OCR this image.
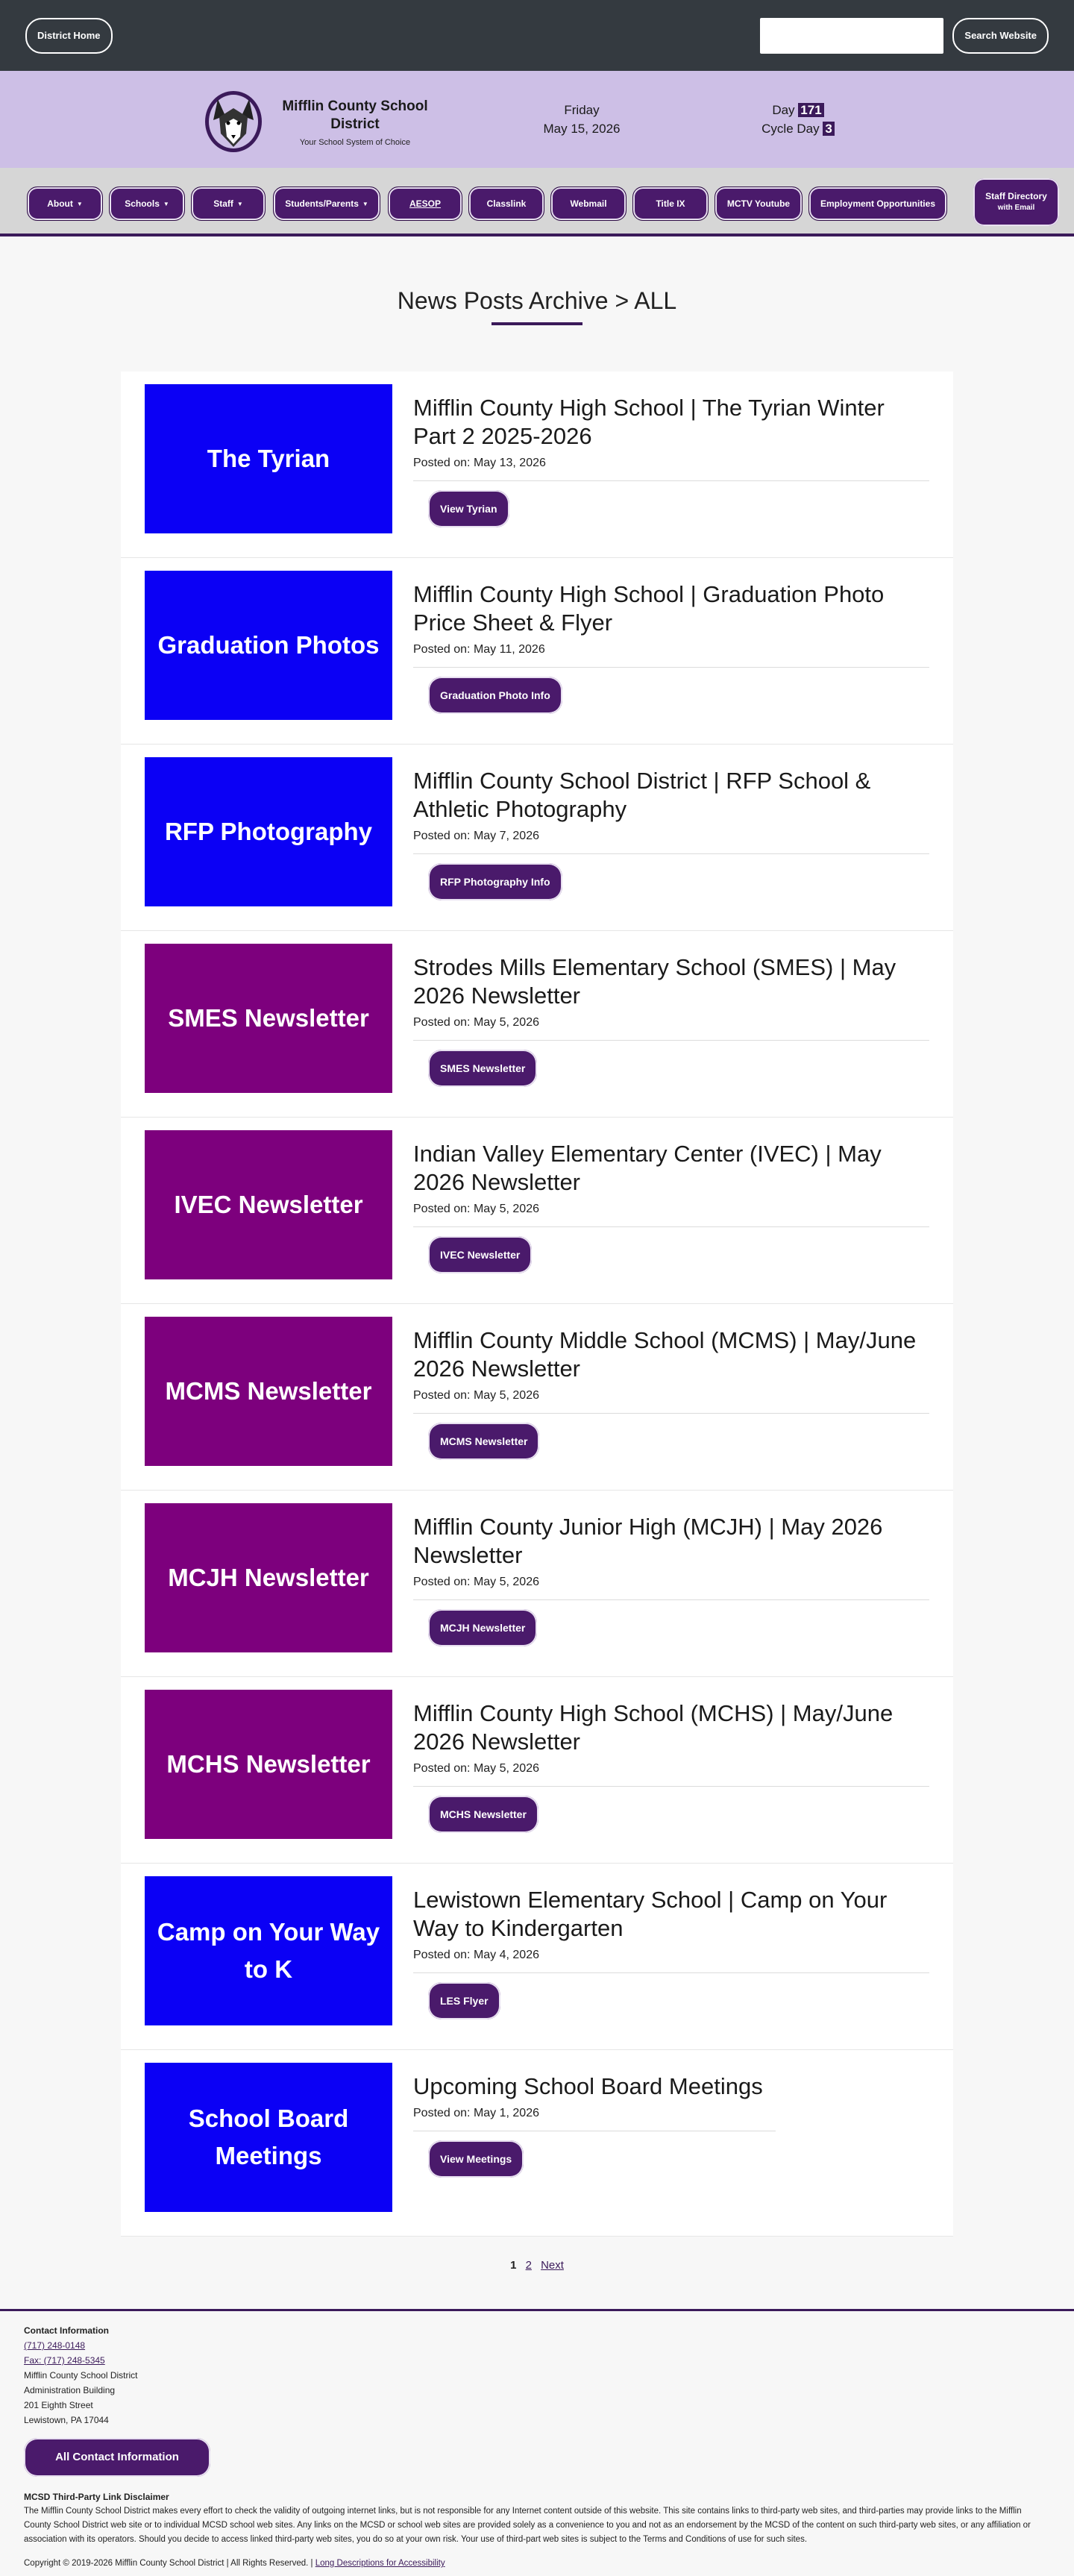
District Home	Search Website
Mifflin County School District
Your School System of Choice
Friday
May 15, 2026
Day 171
Cycle Day 3
About ▼	Schools ▼	Staff ▼	Students/Parents ▼	AESOP	Classlink	Webmail	Title IX	MCTV Youtube	Employment Opportunities
Staff Directory
with Email
News Posts Archive > ALL
The Tyrian
Mifflin County High School | The Tyrian Winter Part 2 2025-2026
Posted on: May 13, 2026
View Tyrian
Graduation Photos
Mifflin County High School | Graduation Photo Price Sheet & Flyer
Posted on: May 11, 2026
Graduation Photo Info
RFP Photography
Mifflin County School District | RFP School & Athletic Photography
Posted on: May 7, 2026
RFP Photography Info
SMES Newsletter
Strodes Mills Elementary School (SMES) | May 2026 Newsletter
Posted on: May 5, 2026
SMES Newsletter
IVEC Newsletter
Indian Valley Elementary Center (IVEC) | May 2026 Newsletter
Posted on: May 5, 2026
IVEC Newsletter
MCMS Newsletter
Mifflin County Middle School (MCMS) | May/June 2026 Newsletter
Posted on: May 5, 2026
MCMS Newsletter
MCJH Newsletter
Mifflin County Junior High (MCJH) | May 2026 Newsletter
Posted on: May 5, 2026
MCJH Newsletter
MCHS Newsletter
Mifflin County High School (MCHS) | May/June 2026 Newsletter
Posted on: May 5, 2026
MCHS Newsletter
Camp on Your Way to K
Lewistown Elementary School | Camp on Your Way to Kindergarten
Posted on: May 4, 2026
LES Flyer
School Board Meetings
Upcoming School Board Meetings
Posted on: May 1, 2026
View Meetings
1 2 Next
Contact Information
(717) 248-0148
Fax: (717) 248-5345
Mifflin County School District
Administration Building
201 Eighth Street
Lewistown, PA 17044
All Contact Information
MCSD Third-Party Link Disclaimer

The Mifflin County School District makes every effort to check the validity of outgoing internet links, but is not responsible for any Internet content outside of this website. This site contains links to third-party web sites, and third-parties may provide links to the Mifflin County School District web site or to individual MCSD school web sites. Any links on the MCSD or school web sites are provided solely as a convenience to you and not as an endorsement by the MCSD of the content on such third-party web sites, or any affiliation or association with its operators. Should you decide to access linked third-party web sites, you do so at your own risk. Your use of third-part web sites is subject to the Terms and Conditions of use for such sites.

Copyright © 2019-2026 Mifflin County School District | All Rights Reserved. | Long Descriptions for Accessibility
